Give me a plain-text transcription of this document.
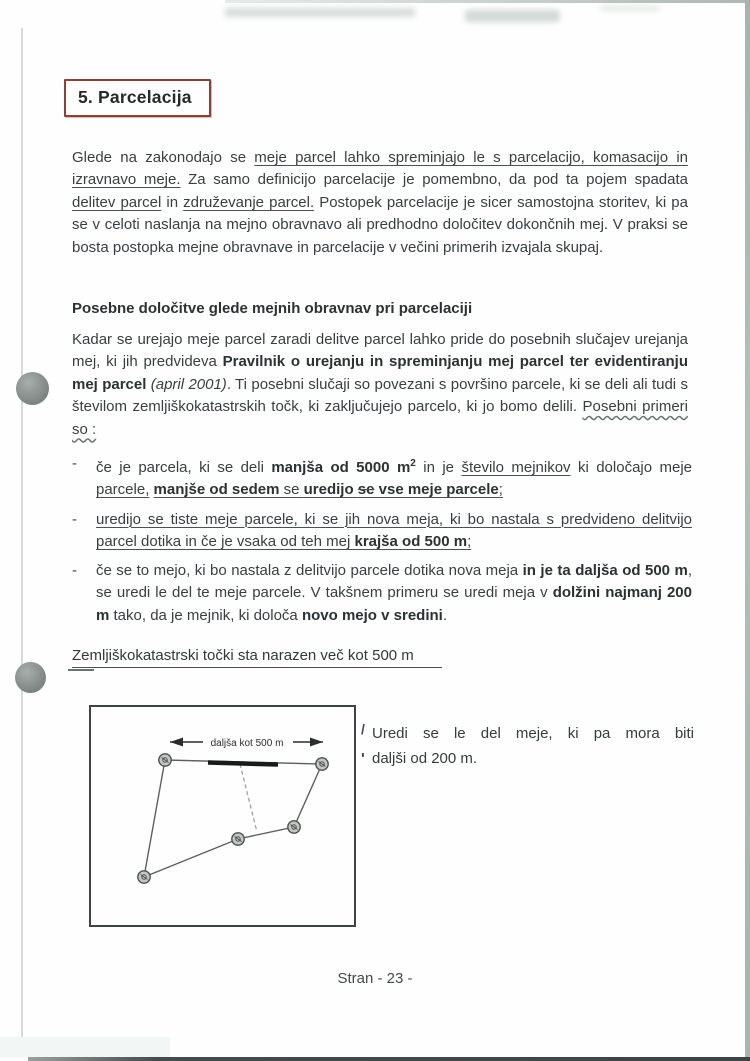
5. Parcelacija
Glede na zakonodajo se meje parcel lahko spreminjajo le s parcelacijo, komasacijo in izravnavo meje. Za samo definicijo parcelacije je pomembno, da pod ta pojem spadata delitev parcel in združevanje parcel. Postopek parcelacije je sicer samostojna storitev, ki pa se v celoti naslanja na mejno obravnavo ali predhodno določitev dokončnih mej. V praksi se bosta postopka mejne obravnave in parcelacije v večini primerih izvajala skupaj.
Posebne določitve glede mejnih obravnav pri parcelaciji
Kadar se urejajo meje parcel zaradi delitve parcel lahko pride do posebnih slučajev urejanja mej, ki jih predvideva Pravilnik o urejanju in spreminjanju mej parcel ter evidentiranju mej parcel (april 2001). Ti posebni slučaji so povezani s površino parcele, ki se deli ali tudi s številom zemljiškokatastrskih točk, ki zaključujejo parcelo, ki jo bomo delili. Posebni primeri so :
-	če je parcela, ki se deli manjša od 5000 $m^2$ in je število mejnikov ki določajo meje parcele, manjše od sedem se uredijo se vse meje parcele;
-	uredijo se tiste meje parcele, ki se jih nova meja, ki bo nastala s predvideno delitvijo parcel dotika in če je vsaka od teh mej krajša od 500 m;
-	če se to mejo, ki bo nastala z delitvijo parcele dotika nova meja in je ta daljša od 500 m, se uredi le del te meje parcele. V takšnem primeru se uredi meja v dolžini najmanj 200 m tako, da je mejnik, ki določa novo mejo v sredini.
Zemljiškokatastrski točki sta narazen več kot 500 m
daljša kot 500 m
/ Uredi se le del meje, ki pa mora biti
' daljši od 200 m.
Stran - 23 -
